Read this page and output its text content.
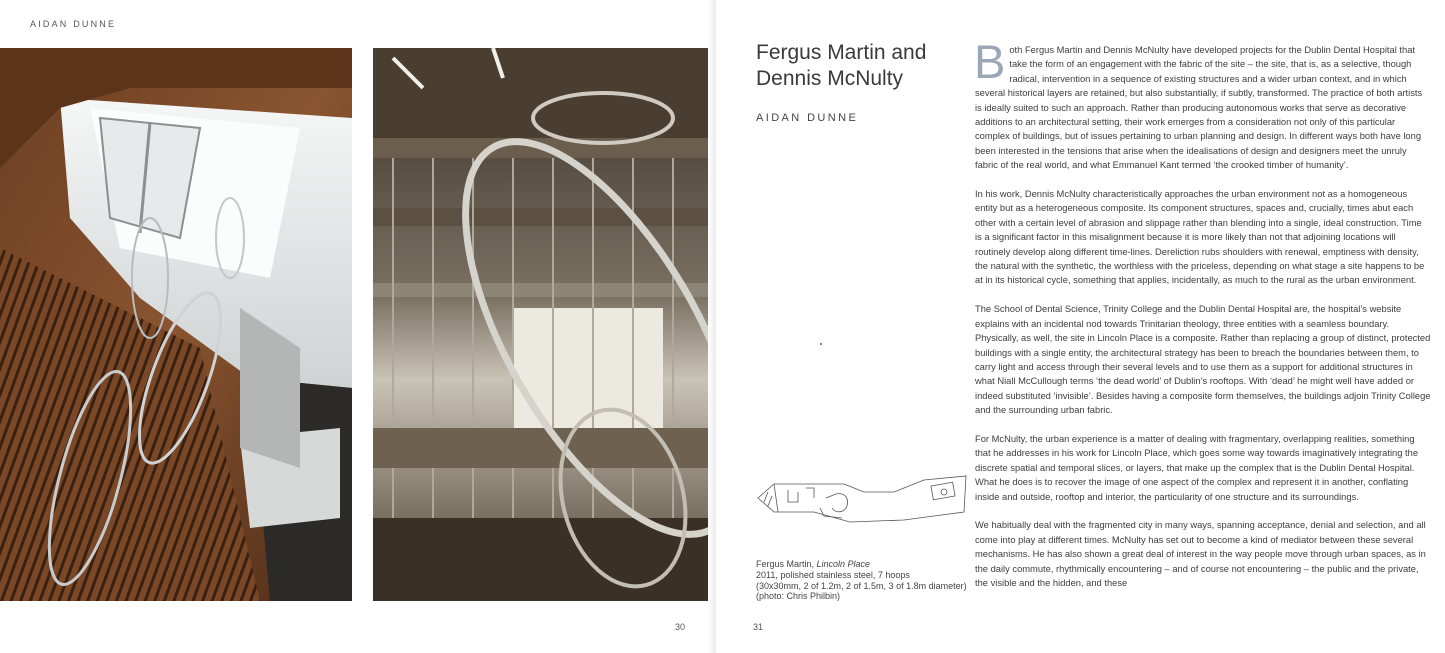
AIDAN DUNNE
30
Fergus Martin and
Dennis McNulty
AIDAN DUNNE

Fergus Martin, Lincoln Place

2011, polished stainless steel, 7 hoops

(30x30mm, 2 of 1.2m, 2 of 1.5m, 3 of 1.8m diameter)

(photo: Chris Philbin)

Both Fergus Martin and Dennis McNulty have developed projects for the Dublin Dental Hospital that take the form of an engagement with the fabric of the site – the site, that is, as a selective, though radical, intervention in a sequence of existing structures and a wider urban context, and in which several historical layers are retained, but also substantially, if subtly, transformed. The practice of both artists is ideally suited to such an approach. Rather than producing autonomous works that serve as decorative additions to an architectural setting, their work emerges from a consideration not only of this particular complex of buildings, but of issues pertaining to urban planning and design. In different ways both have long been interested in the tensions that arise when the idealisations of design and designers meet the unruly fabric of the real world, and what Emmanuel Kant termed ‘the crooked timber of humanity’.

In his work, Dennis McNulty characteristically approaches the urban environment not as a homogeneous entity but as a heterogeneous composite. Its component structures, spaces and, crucially, times abut each other with a certain level of abrasion and slippage rather than blending into a single, ideal construction. Time is a significant factor in this misalignment because it is more likely than not that adjoining locations will routinely develop along different time-lines. Dereliction rubs shoulders with renewal, emptiness with density, the natural with the synthetic, the worthless with the priceless, depending on what stage a site happens to be at in its historical cycle, something that applies, incidentally, as much to the rural as the urban environment.

The School of Dental Science, Trinity College and the Dublin Dental Hospital are, the hospital’s website explains with an incidental nod towards Trinitarian theology, three entities with a seamless boundary. Physically, as well, the site in Lincoln Place is a composite. Rather than replacing a group of distinct, protected buildings with a single entity, the architectural strategy has been to breach the boundaries between them, to carry light and access through their several levels and to use them as a support for additional structures in what Niall McCullough terms ‘the dead world’ of Dublin’s rooftops. With ‘dead’ he might well have added or indeed substituted ‘invisible’. Besides having a composite form themselves, the buildings adjoin Trinity College and the surrounding urban fabric.

For McNulty, the urban experience is a matter of dealing with fragmentary, overlapping realities, something that he addresses in his work for Lincoln Place, which goes some way towards imaginatively integrating the discrete spatial and temporal slices, or layers, that make up the complex that is the Dublin Dental Hospital. What he does is to recover the image of one aspect of the complex and represent it in another, conflating inside and outside, rooftop and interior, the particularity of one structure and its surroundings.

We habitually deal with the fragmented city in many ways, spanning acceptance, denial and selection, and all come into play at different times. McNulty has set out to become a kind of mediator between these several mechanisms. He has also shown a great deal of interest in the way people move through urban spaces, as in the daily commute, rhythmically encountering – and of course not encountering – the public and the private, the visible and the hidden, and these

31
